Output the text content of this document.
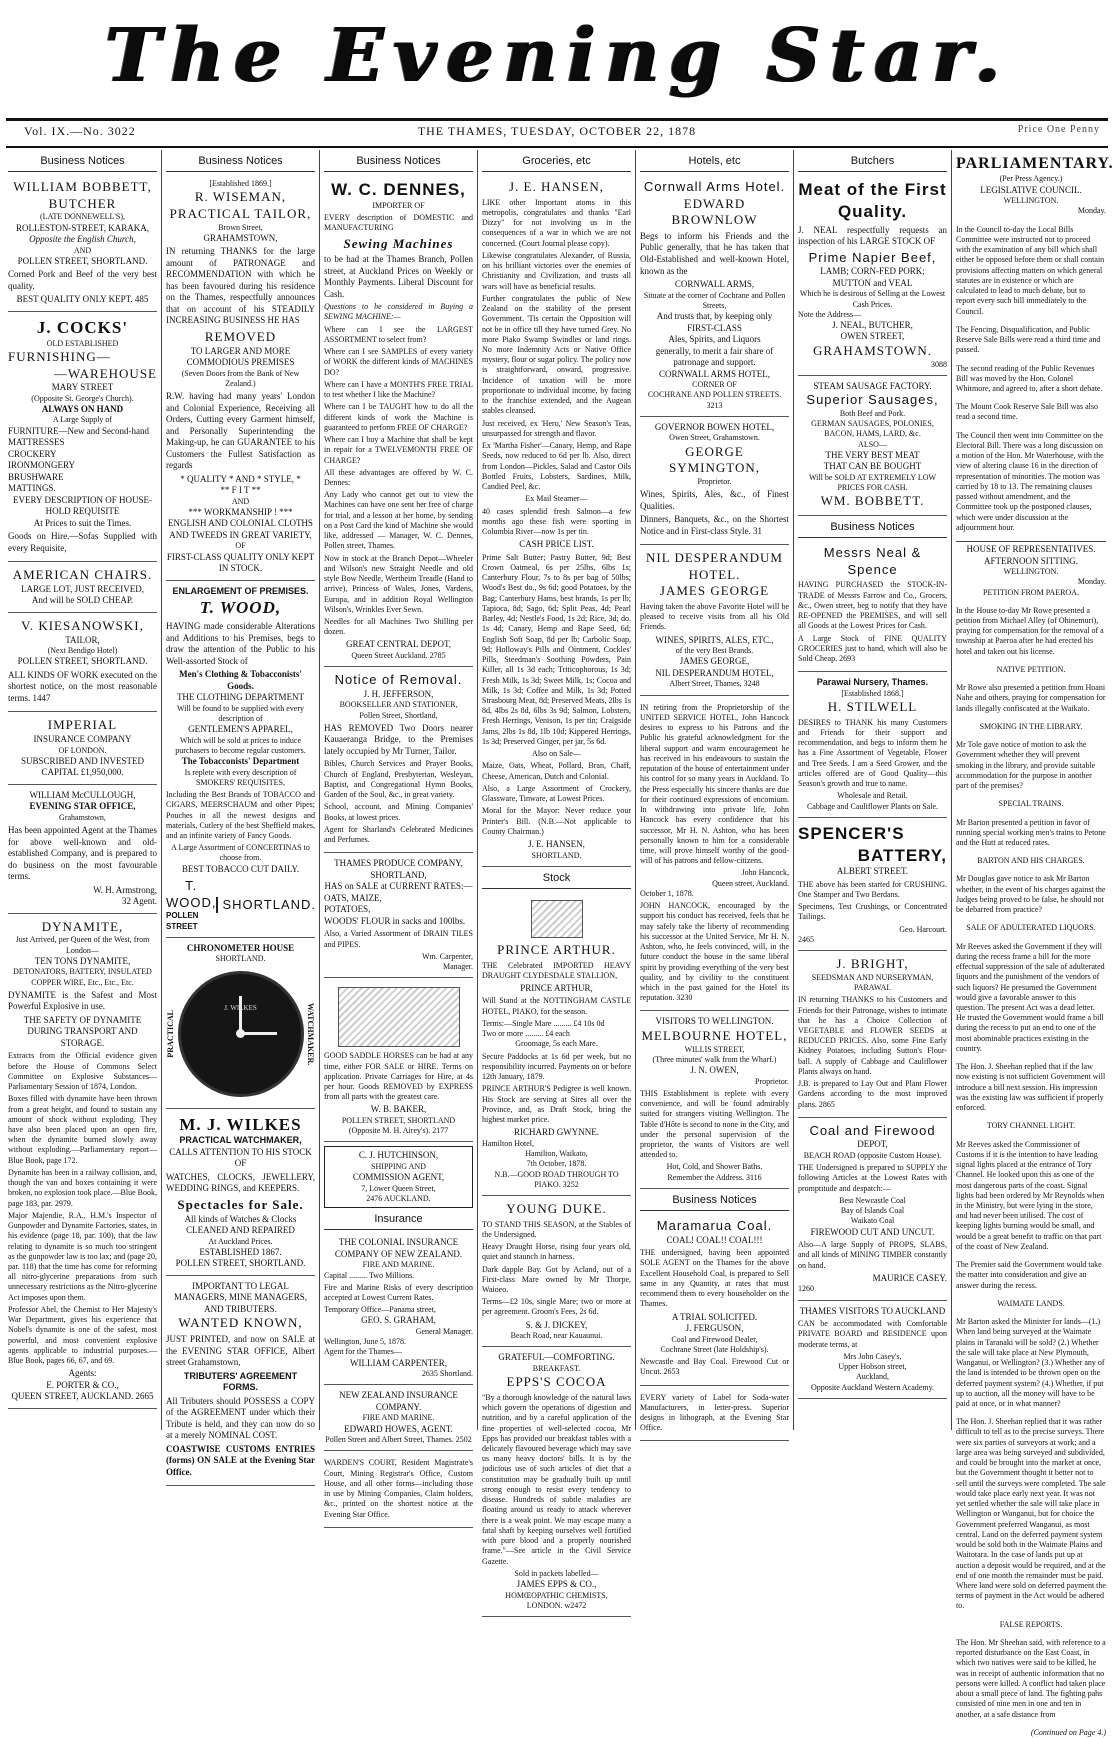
The Evening Star.
Vol. IX.—No. 3022	THE THAMES, TUESDAY, OCTOBER 22, 1878	Price One Penny
Business Notices
WILLIAM BOBBETT, BUTCHER
(LATE DONNEWELL'S),
ROLLESTON-STREET, KARAKA,
Opposite the English Church,
AND
POLLEN STREET, SHORTLAND.

Corned Pork and Beef of the very best quality.

BEST QUALITY ONLY KEPT. 485
J. COCKS'
OLD ESTABLISHED
FURNISHING—
—WAREHOUSE
MARY STREET
(Opposite St. George's Church).
ALWAYS ON HAND
A Large Supply of
FURNITURE—New and Second-hand
MATTRESSES
CROCKERY
IRONMONGERY
BRUSHWARE
MATTINGS.
EVERY DESCRIPTION OF HOUSE-HOLD REQUISITE
At Prices to suit the Times.

Goods on Hire.—Sofas Supplied with every Requisite,

AMERICAN CHAIRS.
LARGE LOT, JUST RECEIVED,
And will be SOLD CHEAP.
V. KIESANOWSKI,
TAILOR,
(Next Bendigo Hotel)
POLLEN STREET, SHORTLAND.

ALL KINDS OF WORK executed on the shortest notice, on the most reasonable terms. 1447

IMPERIAL
INSURANCE COMPANY
OF LONDON.
SUBSCRIBED AND INVESTED
CAPITAL £1,950,000.
WILLIAM McCULLOUGH,
EVENING STAR OFFICE,
Grahamstown,

Has been appointed Agent at the Thames for above well-known and old-established Company, and is prepared to do business on the most favourable terms.

W. H. Armstrong,
32 Agent.
DYNAMITE,
Just Arrived, per Queen of the West, from London—
TEN TONS DYNAMITE,
DETONATORS, BATTERY, INSULATED COPPER WIRE, Etc., Etc., Etc.

DYNAMITE is the Safest and Most Powerful Explosive in use.

THE SAFETY OF DYNAMITE DURING TRANSPORT AND STORAGE.

Extracts from the Official evidence given before the House of Commons Select Committee on Explosive Substances—Parliamentary Session of 1874, London.

Boxes filled with dynamite have been thrown from a great height, and found to sustain any amount of shock without exploding. They have also been placed upon an open fire, when the dynamite burned slowly away without exploding.—Parliamentary report—Blue Book, page 172.

Dynamite has been in a railway collision, and, though the van and boxes containing it were broken, no explosion took place.—Blue Book, page 183, par. 2979.

Major Majendie, R.A., H.M.'s Inspector of Gunpowder and Dynamite Factories, states, in his evidence (page 18, par. 100), that the law relating to dynamite is so much too stringent as the gunpowder law is too lax; and (page 20, par. 118) that the time has come for reforming all nitro-glycerine preparations from such unnecessary restrictions as the Nitro-glycerine Act imposes upon them.

Professor Abel, the Chemist to Her Majesty's War Department, gives his experience that Nobel's dynamite is one of the safest, most powerful, and most convenient explosive agents applicable to industrial purposes.—Blue Book, pages 66, 67, and 69.

Agents:
E. PORTER & CO.,
QUEEN STREET, AUCKLAND. 2665
Business Notices
[Established 1869.]
R. WISEMAN,
PRACTICAL TAILOR,
Brown Street,
GRAHAMSTOWN,

IN returning THANKS for the large amount of PATRONAGE and RECOMMENDATION with which he has been favoured during his residence on the Thames, respectfully announces that on account of his STEADILY INCREASING BUSINESS HE HAS

REMOVED
TO LARGER AND MORE COMMODIOUS PREMISES
(Seven Doors from the Bank of New Zealand.)

R.W. having had many years' London and Colonial Experience, Receiving all Orders, Cutting every Garment himself, and Personally Superintending the Making-up, he can GUARANTEE to his Customers the Fullest Satisfaction as regards

* QUALITY * AND * STYLE, *
** F I T **
AND
*** WORKMANSHIP ! ***
ENGLISH AND COLONIAL CLOTHS AND TWEEDS IN GREAT VARIETY,
OF
FIRST-CLASS QUALITY ONLY KEPT IN STOCK.
ENLARGEMENT OF PREMISES.
T. WOOD,

HAVING made considerable Alterations and Additions to his Premises, begs to draw the attention of the Public to his Well-assorted Stock of

Men's Clothing & Tobacconists' Goods.
THE CLOTHING DEPARTMENT
Will be found to be supplied with every description of
GENTLEMEN'S APPAREL,
Which will be sold at prices to induce purchasers to become regular customers.
The Tobacconists' Department
Is replete with every description of SMOKERS' REQUISITES,

Including the Best Brands of TOBACCO and CIGARS, MEERSCHAUM and other Pipes; Pouches in all the newest designs and materials, Cutlery of the best Sheffield makes, and an infinite variety of Fancy Goods.

A Large Assortment of CONCERTINAS to choose from.
BEST TOBACCO CUT DAILY.
T. WOOD,
POLLEN STREET
SHORTLAND.
CHRONOMETER HOUSE
SHORTLAND.
PRACTICAL
J. WILKES	WATCHMAKER.
M. J. WILKES
PRACTICAL WATCHMAKER,
CALLS ATTENTION TO HIS STOCK OF

WATCHES, CLOCKS, JEWELLERY, WEDDING RINGS, and KEEPERS.

Spectacles for Sale.
All kinds of Watches & Clocks
CLEANED AND REPAIRED
At Auckland Prices.
ESTABLISHED 1867.
POLLEN STREET, SHORTLAND.
IMPORTANT TO LEGAL MANAGERS, MINE MANAGERS, AND TRIBUTERS.
WANTED KNOWN,

JUST PRINTED, and now on SALE at the EVENING STAR OFFICE, Albert street Grahamstown,

TRIBUTERS' AGREEMENT FORMS.

All Tributers should POSSESS a COPY of the AGREEMENT under which their Tribute is held, and they can now do so at a merely NOMINAL COST.

COASTWISE CUSTOMS ENTRIES (forms) ON SALE at the Evening Star Office.

Business Notices
W. C. DENNES,
IMPORTER OF

EVERY description of DOMESTIC and MANUFACTURING

Sewing Machines

to be had at the Thames Branch, Pollen street, at Auckland Prices on Weekly or Monthly Payments. Liberal Discount for Cash.

Questions to be considered in Buying a SEWING MACHINE:—

Where can I see the LARGEST ASSORTMENT to select from?

Where can I see SAMPLES of every variety of WORK the different kinds of MACHINES DO?

Where can I have a MONTH'S FREE TRIAL to test whether I like the Machine?

Where can I be TAUGHT how to do all the different kinds of work the Machine is guaranteed to perform FREE OF CHARGE?

Where can I buy a Machine that shall be kept in repair for a TWELVEMONTH FREE OF CHARGE?

All these advantages are offered by W. C. Dennes:

Any Lady who cannot get out to view the Machines can have one sent her free of charge for trial, and a lesson at her home, by sending on a Post Card the kind of Machine she would like, addressed — Manager, W. C. Dennes, Pollen street, Thames.

Now in stock at the Branch Depot—Wheeler and Wilson's new Straight Needle and old style Bow Needle, Wertheim Treadle (Hand to arrive), Princess of Wales, Jones, Vardens, Europa, and in addition Royal Wellington Wilson's, Wrinkles Ever Sewn.

Needles for all Machines Two Shilling per dozen.

GREAT CENTRAL DEPOT,
Queen Street Auckland. 2785
Notice of Removal.
J. H. JEFFERSON,
BOOKSELLER AND STATIONER,
Pollen Street, Shortland,

HAS REMOVED Two Doors nearer Kauaeranga Bridge, to the Premises lately occupied by Mr Turner, Tailor.

Bibles, Church Services and Prayer Books, Church of England, Presbyterian, Wesleyan, Baptist, and Congregational Hymn Books, Garden of the Soul, &c., in great variety.

School, account, and Mining Companies' Books, at lowest prices.

Agent for Sharland's Celebrated Medicines and Perfumes.

THAMES PRODUCE COMPANY, SHORTLAND,
HAS on SALE at CURRENT RATES:—
OATS, MAIZE,
POTATOES,
WOODS' FLOUR in sacks and 100lbs.

Also, a Varied Assortment of DRAIN TILES and PIPES.

Wm. Carpenter,
Manager.

GOOD SADDLE HORSES can be had at any time, either FOR SALE or HIRE. Terms on application. Private Carriages for Hire, at 4s per hour. Goods REMOVED by EXPRESS from all parts with the greatest care.

W. B. BAKER,
POLLEN STREET, SHORTLAND
(Opposite M. H. Airey's). 2177
C. J. HUTCHINSON,
SHIPPING AND
COMMISSION AGENT,
7, Lower Queen Street,
2476 AUCKLAND.
Insurance
THE COLONIAL INSURANCE COMPANY OF NEW ZEALAND.
FIRE AND MARINE.
Capital ......... Two Millions.

Fire and Marine Risks of every description accepted at Lowest Current Rates.

Temporary Office—Panama street,
GEO. S. GRAHAM,
General Manager.
Wellington, June 5, 1878.
Agent for the Thames—
WILLIAM CARPENTER,
2635 Shortland.
NEW ZEALAND INSURANCE COMPANY.
FIRE AND MARINE.
EDWARD HOWES, AGENT.
Pollen Street and Albert Street, Thames. 2502

WARDEN'S COURT, Resident Magistrate's Court, Mining Registrar's Office, Custom House, and all other forms—including those in use by Mining Companies, Claim holders, &c., printed on the shortest notice at the Evening Star Office.

Groceries, etc
J. E. HANSEN,

LIKE other Important atoms in this metropolis, congratulates and thanks "Earl Dizzy" for not involving us in the consequences of a war in which we are not concerned. (Court Journal please copy).

Likewise congratulates Alexander, of Russia, on his brilliant victories over the enemies of Christianity and Civilization, and trusts all wars will have as beneficial results.

Further congratulates the public of New Zealand on the stability of the present Government. 'Tis certain the Opposition will not be in office till they have turned Grey. No more Piako Swamp Swindles or land rings. No more Indemnity Acts or Native Office mystery, flour or sugar policy. The policy now is straightforward, onward, progressive. Incidence of taxation will be more proportionate to individual income, by facing to the franchise extended, and the Augean stables cleansed.

Just received, ex 'Hero,' New Season's Teas, unsurpassed for strength and flavor.

Ex 'Martha Fisher'—Canary, Hemp, and Rape Seeds, now reduced to 6d per lb. Also, direct from London—Pickles, Salad and Castor Oils Bottled Fruits, Lobsters, Sardines, Milk, Candied Peel, &c.

Ex Mail Steamer—

40 cases splendid fresh Salmon—a few months ago these fish were sporting in Columbia River—now 1s per tin.

CASH PRICE LIST.

Prime Salt Butter; Pastry Butter, 9d; Best Crown Oatmeal, 6s per 25lbs, 6lbs 1s; Canterbury Flour, 7s to 8s per bag of 50lbs; Wood's Best do., 9s 6d; good Potatoes, by the Bag; Canterbury Hams, best brands, 1s per lb; Tapioca, 8d; Sago, 6d; Split Peas, 4d; Pearl Barley, 4d; Nestle's Food, 1s 2d; Rice, 3d; do. 1s 4d; Canary, Hemp and Rape Seed, 6d; English Soft Soap, 8d per lb; Carbolic Soap, 9d; Holloway's Pills and Ointment, Cockles' Pills, Steedman's Soothing Powders, Pain Killer, all 1s 3d each; Triticophorous, 1s 3d; Fresh Milk, 1s 3d; Sweet Milk, 1s; Cocoa and Milk, 1s 3d; Coffee and Milk, 1s 3d; Potted Strasbourg Meat, 8d; Preserved Meats, 2lbs 1s 8d, 4lbs 2s 8d, 6lbs 3s 9d; Salmon, Lobsters, Fresh Herrings, Venison, 1s per tin; Craigside Jams, 2lbs 1s 8d, 1lb 10d; Kippered Herrings, 1s 3d; Preserved Ginger, per jar, 5s 6d.

Also on Sale—

Maize, Oats, Wheat, Pollard, Bran, Chaff, Cheese, American, Dutch and Colonial.

Also, a Large Assortment of Crockery, Glassware, Tinware, at Lowest Prices.

Moral for the Mayor: Never reduce your Printer's Bill. (N.B.—Not applicable to County Chairman.)

J. E. HANSEN,
SHORTLAND.
Stock
PRINCE ARTHUR.

THE Celebrated IMPORTED HEAVY DRAUGHT CLYDESDALE STALLION,

PRINCE ARTHUR,

Will Stand at the NOTTINGHAM CASTLE HOTEL, PIAKO, for the season.

Terms:—Single Mare ......... £4 10s 0d
Two or more ......... £4 each
Groomage, 5s each Mare.

Secure Paddocks at 1s 6d per week, but no responsibility incurred. Payments on or before 12th January, 1879.

PRINCE ARTHUR'S Pedigree is well known. His Stock are serving at Sires all over the Province, and, as Draft Stock, bring the highest market price.

RICHARD GWYNNE.
Hamilton Hotel,
Hamilton, Waikato,
7th October, 1878.
N.B.—GOOD ROAD THROUGH TO PIAKO. 3252
YOUNG DUKE.

TO STAND THIS SEASON, at the Stables of the Undersigned.

Heavy Draught Horse, rising four years old, quiet and staunch in harness.

Dark dapple Bay. Got by Acland, out of a First-class Mare owned by Mr Thorpe, Waioeo.

Terms—£2 10s, single Mare; two or more at per agreement. Groom's Fees, 2s 6d.

S. & J. DICKEY,
Beach Road, near Kauaunui.
GRATEFUL—COMFORTING.
BREAKFAST.
EPPS'S COCOA

"By a thorough knowledge of the natural laws which govern the operations of digestion and nutrition, and by a careful application of the fine properties of well-selected cocoa, Mr Epps has provided our breakfast tables with a delicately flavoured beverage which may save us many heavy doctors' bills. It is by the judicious use of such articles of diet that a constitution may be gradually built up until strong enough to resist every tendency to disease. Hundreds of subtle maladies are floating around us ready to attack wherever there is a weak point. We may escape many a fatal shaft by keeping ourselves well fortified with pure blood and a properly nourished frame."—See article in the Civil Service Gazette.

Sold in packets labelled—
JAMES EPPS & CO.,
HOMŒOPATHIC CHEMISTS,
LONDON. w2472
Hotels, etc
Cornwall Arms Hotel.
EDWARD BROWNLOW

Begs to inform his Friends and the Public generally, that he has taken that Old-Established and well-known Hotel, known as the

CORNWALL ARMS,
Situate at the corner of Cochrane and Pollen Streets,
And trusts that, by keeping only
FIRST-CLASS
Ales, Spirits, and Liquors
generally, to merit a fair share of patronage and support.
CORNWALL ARMS HOTEL,
CORNER OF
COCHRANE AND POLLEN STREETS. 3213
GOVERNOR BOWEN HOTEL,
Owen Street, Grahamstown.
GEORGE SYMINGTON,
Proprietor.

Wines, Spirits, Ales, &c., of Finest Qualities.

Dinners, Banquets, &c., on the Shortest Notice and in First-class Style. 31

NIL DESPERANDUM HOTEL.
JAMES GEORGE

Having taken the above Favorite Hotel will be pleased to receive visits from all his Old Friends.

WINES, SPIRITS, ALES, ETC.,
of the very Best Brands.
JAMES GEORGE,
NIL DESPERANDUM HOTEL,
Albert Street, Thames, 3248

IN retiring from the Proprietorship of the UNITED SERVICE HOTEL, John Hancock desires to express to his Patrons and the Public his grateful acknowledgment for the liberal support and warm encouragement he has received in his endeavours to sustain the reputation of the house of entertainment under his control for so many years in Auckland. To the Press especially his sincere thanks are due for their continued expressions of encomium. In withdrawing into private life, John Hancock has every confidence that his successor, Mr H. N. Ashton, who has been personally known to him for a considerable time, will prove himself worthy of the good-will of his patrons and fellow-citizens.

John Hancock,
Queen street, Auckland.
October 1, 1878.

JOHN HANCOCK, encouraged by the support his conduct has received, feels that he may safely take the liberty of recommending his successor at the United Service, Mr H. N. Ashton, who, he feels convinced, will, in the future conduct the house in the same liberal spirit by providing everything of the very best quality, and by civility to the constituent which in the past gained for the Hotel its reputation. 3230

VISITORS TO WELLINGTON.
MELBOURNE HOTEL,
WILLIS STREET,
(Three minutes' walk from the Wharf.)
J. N. OWEN,
Proprietor.

THIS Establishment is replete with every convenience, and will be found admirably suited for strangers visiting Wellington. The Table d'Hôte is second to none in the City, and under the personal supervision of the proprietor, the wants of Visitors are well attended to.

Hot, Cold, and Shower Baths.
Remember the Address. 3116
Business Notices
Maramarua Coal.
COAL! COAL!! COAL!!!

THE undersigned, having been appointed SOLE AGENT on the Thames for the above Excellent Household Coal, is prepared to Sell same in any Quantity, at rates that must recommend them to every householder on the Thames.

A TRIAL SOLICITED.
J. FERGUSON,
Coal and Firewood Dealer,
Cochrane Street (late Holdship's).

Newcastle and Bay Coal. Firewood Cut or Uncut. 2653

EVERY variety of Label for Soda-water Manufacturers, in letter-press. Superior designs in lithograph, at the Evening Star Office.

Butchers
Meat of the First Quality.

J. NEAL respectfully requests an inspection of his LARGE STOCK OF

Prime Napier Beef,
LAMB; CORN-FED PORK;
MUTTON and VEAL
Which he is desirous of Selling at the Lowest Cash Prices.
Note the Address—
J. NEAL, BUTCHER,
OWEN STREET,
GRAHAMSTOWN.
3088
STEAM SAUSAGE FACTORY.
Superior Sausages,
Both Beef and Pork.
GERMAN SAUSAGES, POLONIES,
BACON, HAMS, LARD, &c.
ALSO—
THE VERY BEST MEAT
THAT CAN BE BOUGHT
Will be SOLD AT EXTREMELY LOW
PRICES FOR CASH.
WM. BOBBETT.
Business Notices
Messrs Neal & Spence

HAVING PURCHASED the STOCK-IN-TRADE of Messrs Farrow and Co., Grocers, &c., Owen street, beg to notify that they have RE-OPENED the PREMISES, and will sell all Goods at the Lowest Prices for Cash.

A Large Stock of FINE QUALITY GROCERIES just to hand, which will also be Sold Cheap. 2693

Parawai Nursery, Thames.
[Established 1868.]
H. STILWELL

DESIRES to THANK his many Customers and Friends for their support and recommendation, and begs to inform them he has a Fine Assortment of Vegetable, Flower and Tree Seeds. I am a Seed Grower, and the articles offered are of Good Quality—this Season's growth and true to name.

Wholesale and Retail.
Cabbage and Cauliflower Plants on Sale.
SPENCER'S
BATTERY,
ALBERT STREET.

THE above has been started for CRUSHING. One Stamper and Two Berdans.

Specimens, Test Crushings, or Concentrated Tailings.

Geo. Harcourt.
2465
J. BRIGHT,
SEEDSMAN AND NURSERYMAN,
PARAWAI.

IN returning THANKS to his Customers and Friends for their Patronage, wishes to intimate that he has a Choice Collection of VEGETABLE and FLOWER SEEDS at REDUCED PRICES. Also, some Fine Early Kidney Potatoes, including Sutton's Flour-ball. A supply of Cabbage and Cauliflower Plants always on hand.

J.B. is prepared to Lay Out and Plant Flower Gardens according to the most improved plans. 2865

Coal and Firewood
DEPOT,
BEACH ROAD (opposite Custom House).

THE Undersigned is prepared to SUPPLY the following Articles at the Lowest Rates with promptitude and despatch:—

Best Newcastle Coal
Bay of Islands Coal
Waikato Coal
FIREWOOD CUT AND UNCUT.

Also—A large Supply of PROPS, SLABS, and all kinds of MINING TIMBER constantly on hand.

MAURICE CASEY.
1260
THAMES VISITORS TO AUCKLAND

CAN be accommodated with Comfortable PRIVATE BOARD and RESIDENCE upon moderate terms, at

Mrs John Casey's,
Upper Hobson street,
Auckland,
Opposite Auckland Western Academy.
PARLIAMENTARY.
(Per Press Agency.)
LEGISLATIVE COUNCIL.
WELLINGTON.
Monday.

In the Council to-day the Local Bills Committee were instructed not to proceed with the examination of any bill which shall either be opposed before them or shall contain provisions affecting matters on which general statutes are in existence or which are calculated to lead to much debate, but to report every such bill immediately to the Council.

The Fencing, Disqualification, and Public Reserve Sale Bills were read a third time and passed.

The second reading of the Public Revenues Bill was moved by the Hon. Colonel Whitmore, and agreed to, after a short debate.

The Mount Cook Reserve Sale Bill was also read a second time.

The Council then went into Committee on the Electoral Bill. There was a long discussion on a motion of the Hon. Mr Waterhouse, with the view of altering clause 16 in the direction of representation of minorities. The motion was carried by 18 to 13. The remaining clauses passed without amendment, and the Committee took up the postponed clauses, which were under discussion at the adjournment hour.

HOUSE OF REPRESENTATIVES.
AFTERNOON SITTING.
WELLINGTON.
Monday.
PETITION FROM PAEROA.

In the House to-day Mr Rowe presented a petition from Michael Alley (of Ohinemuri), praying for compensation for the removal of a township at Paeroa after he had erected his hotel and taken out his license.

NATIVE PETITION.

Mr Rowe also presented a petition from Hoani Nahe and others, praying for compensation for lands illegally confiscated at the Waikato.

SMOKING IN THE LIBRARY.

Mr Tole gave notice of motion to ask the Government whether they will prevent smoking in the library, and provide suitable accommodation for the purpose in another part of the premises?

SPECIAL TRAINS.

Mr Barton presented a petition in favor of running special working men's trains to Petone and the Hutt at reduced rates.

BARTON AND HIS CHARGES.

Mr Douglas gave notice to ask Mr Barton whether, in the event of his charges against the Judges being proved to be false, he should not be debarred from practice?

SALE OF ADULTERATED LIQUORS.

Mr Reeves asked the Government if they will during the recess frame a bill for the more effectual suppression of the sale of adulterated liquors and the punishment of the vendors of such liquors? He presumed the Government would give a favorable answer to this question. The present Act was a dead letter. He trusted the Government would frame a bill during the recess to put an end to one of the most abominable practices existing in the country.

The Hon. J. Sheehan replied that if the law now existing is not sufficient Government will introduce a bill next session. His impression was the existing law was sufficient if properly enforced.

TORY CHANNEL LIGHT.

Mr Reeves asked the Commissioner of Customs if it is the intention to have leading signal lights placed at the entrance of Tory Channel. He looked upon this as one of the most dangerous parts of the coast. Signal lights had been ordered by Mr Reynolds when in the Ministry, but were lying in the store, and had never been utilised. The cost of keeping lights burning would be small, and would be a great benefit to traffic on that part of the coast of New Zealand.

The Premier said the Government would take the matter into consideration and give an answer during the recess.

WAIMATE LANDS.

Mr Barton asked the Minister for lands—(1.) When land being surveyed at the Waimate plains in Taranaki will be sold? (2.) Whether the sale will take place at New Plymouth, Wanganui, or Wellington? (3.) Whether any of the land is intended to be thrown open on the deferred payment system? (4.) Whether, if put up to auction, all the money will have to be paid at once, or in what manner?

The Hon. J. Sheehan replied that it was rather difficult to tell as to the precise surveys. There were six parties of surveyors at work; and a large area was being surveyed and subdivided, and could be brought into the market at once, but the Government thought it better not to sell until the surveys were completed. The sale would take place early next year. It was not yet settled whether the sale will take place in Wellington or Wanganui, but for choice the Government preferred Wanganui, as most central. Land on the deferred payment system would be sold both in the Waimate Plains and Waitotara. In the case of lands put up at auction a deposit would be required, and at the end of one month the remainder must be paid. Where land were sold on deferred payment the terms of payment in the Act would be adhered to.

FALSE REPORTS.

The Hon. Mr Sheehan said, with reference to a reported disturbance on the East Coast, in which two natives were said to be killed, he was in receipt of authentic information that no persons were killed. A conflict had taken place about a small piece of land. The fighting pahs consisted of nine men in one and ten in another, at a safe distance from

(Continued on Page 4.)
